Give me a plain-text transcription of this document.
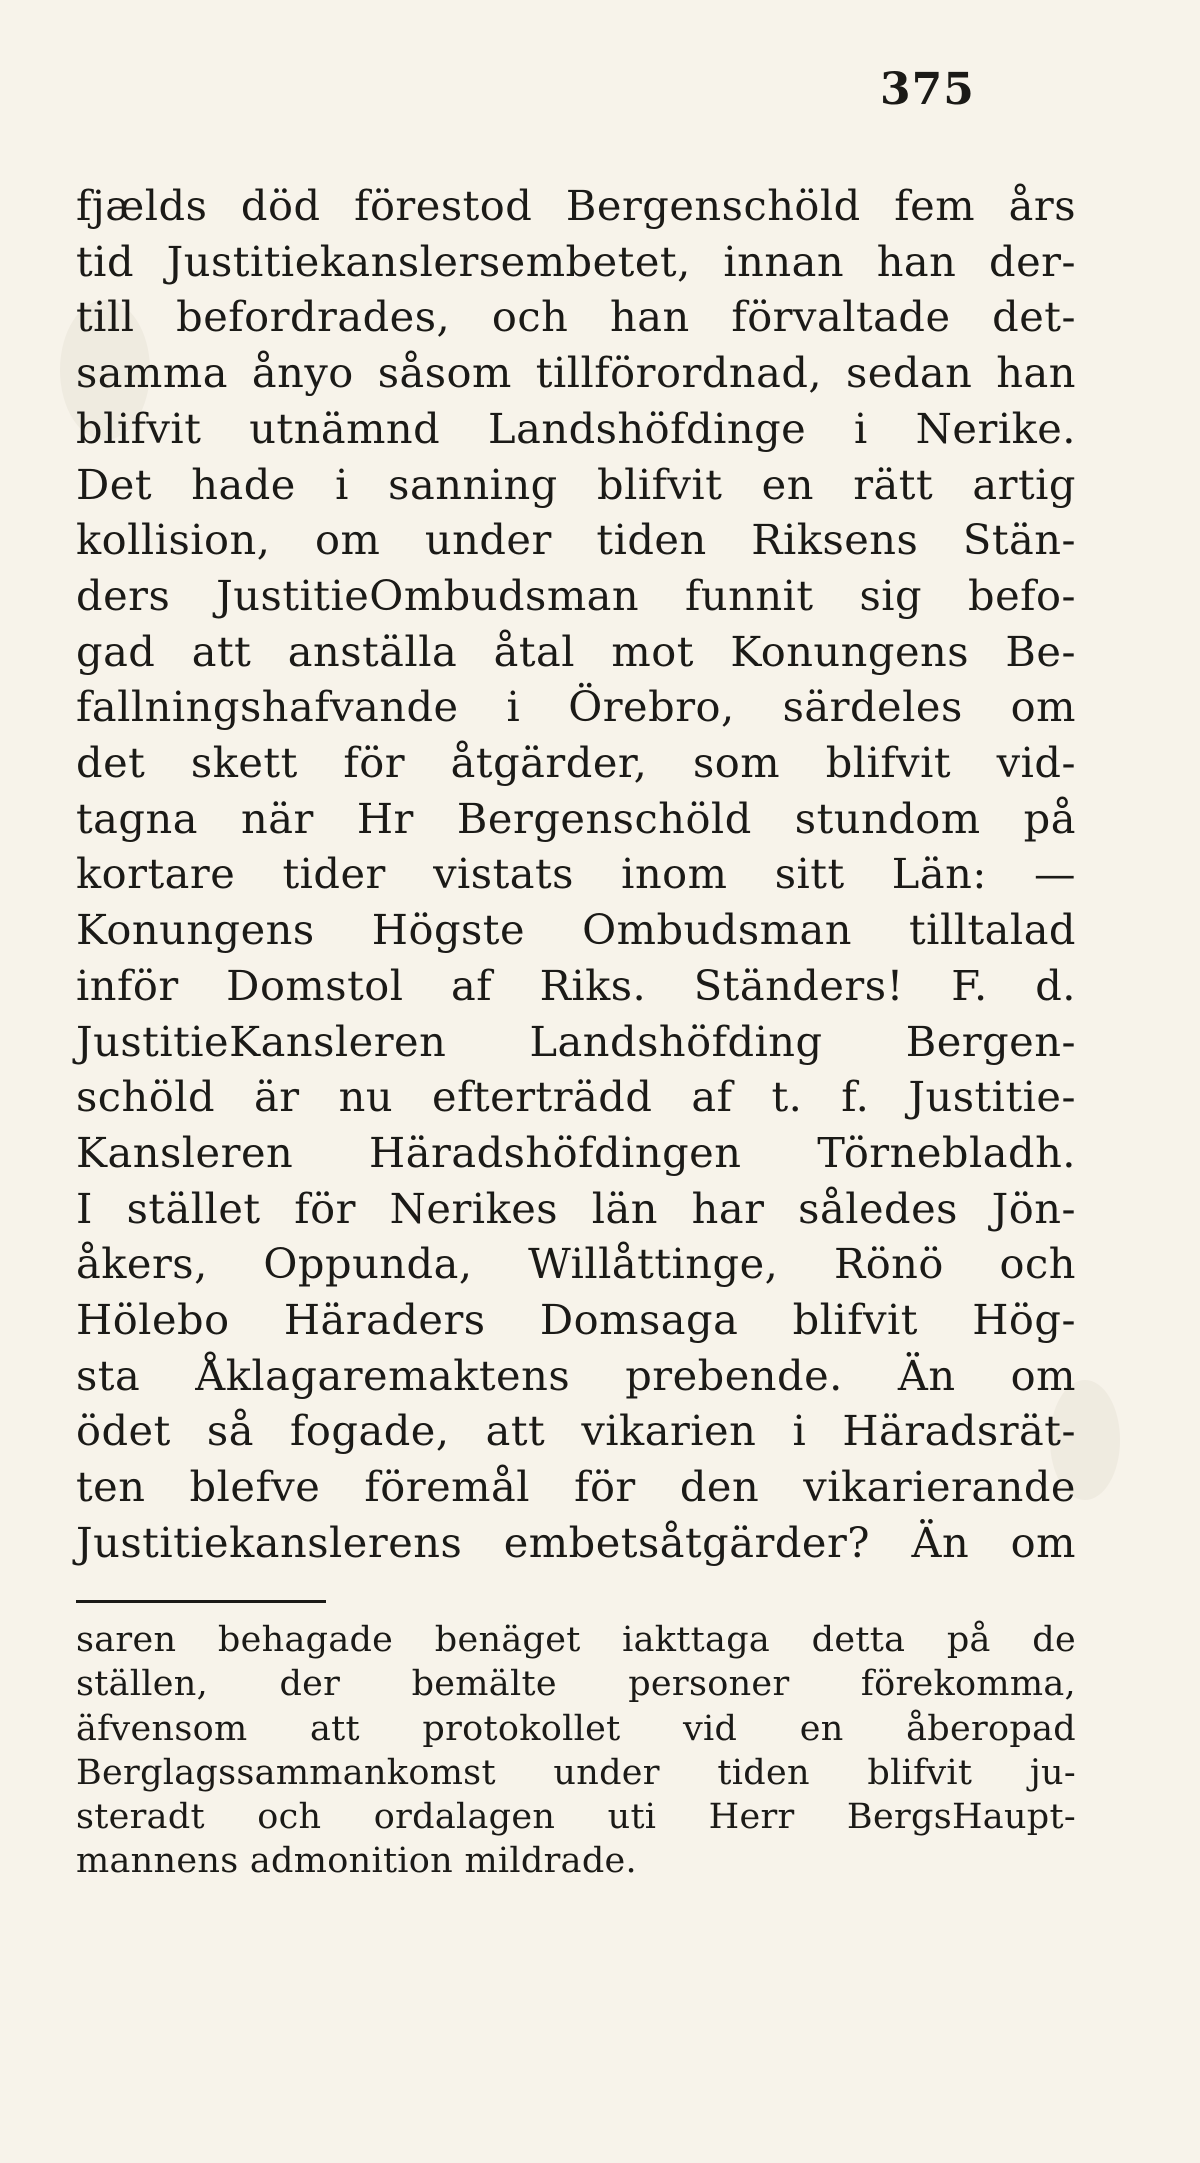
375
fjælds död förestod Bergenschöld fem års
tid Justitiekanslersembetet, innan han der-
till befordrades, och han förvaltade det-
samma ånyo såsom tillförordnad, sedan han
blifvit utnämnd Landshöfdinge i Nerike.
Det hade i sanning blifvit en rätt artig
kollision, om under tiden Riksens Stän-
ders JustitieOmbudsman funnit sig befo-
gad att anställa åtal mot Konungens Be-
fallningshafvande i Örebro, särdeles om
det skett för åtgärder, som blifvit vid-
tagna när Hr Bergenschöld stundom på
kortare tider vistats inom sitt Län: —
Konungens Högste Ombudsman tilltalad
inför Domstol af Riks. Ständers! F. d.
JustitieKansleren Landshöfding Bergen-
schöld är nu efterträdd af t. f. Justitie-
Kansleren Häradshöfdingen Törnebladh.
I stället för Nerikes län har således Jön-
åkers, Oppunda, Willåttinge, Rönö och
Hölebo Häraders Domsaga blifvit Hög-
sta Åklagaremaktens prebende. Än om
ödet så fogade, att vikarien i Häradsrät-
ten blefve föremål för den vikarierande
Justitiekanslerens embetsåtgärder? Än om
saren behagade benäget iakttaga detta på de
ställen, der bemälte personer förekomma,
äfvensom att protokollet vid en åberopad
Berglagssammankomst under tiden blifvit ju-
steradt och ordalagen uti Herr BergsHaupt-
mannens admonition mildrade.
